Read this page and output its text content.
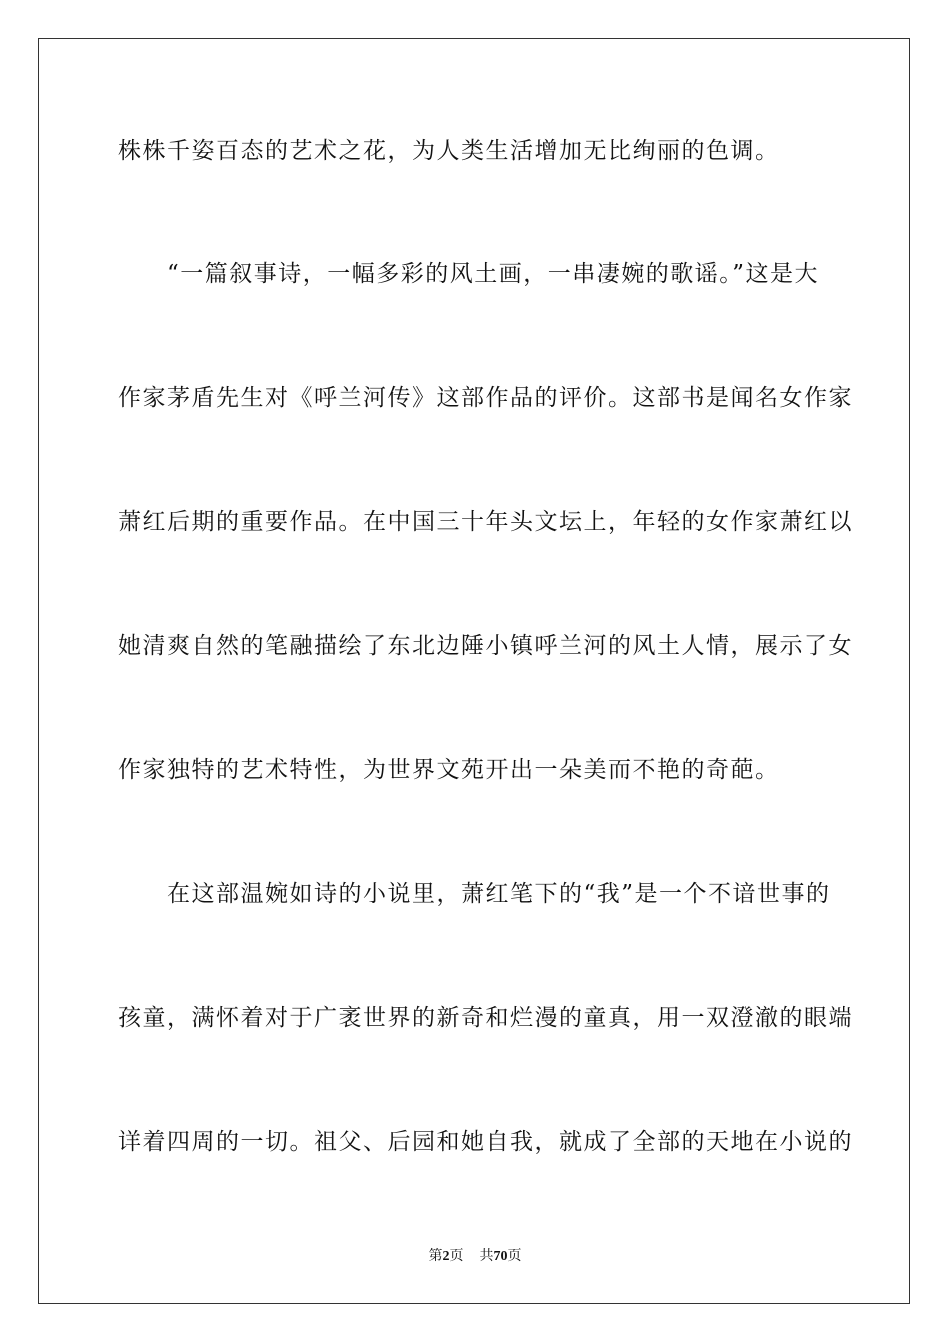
株株千姿百态的艺术之花，为人类生活增加无比绚丽的色调。
　　“一篇叙事诗，一幅多彩的风土画，一串凄婉的歌谣。”这是大
作家茅盾先生对《呼兰河传》这部作品的评价。这部书是闻名女作家
萧红后期的重要作品。在中国三十年头文坛上，年轻的女作家萧红以
她清爽自然的笔融描绘了东北边陲小镇呼兰河的风土人情，展示了女
作家独特的艺术特性，为世界文苑开出一朵美而不艳的奇葩。
　　在这部温婉如诗的小说里，萧红笔下的“我”是一个不谙世事的
孩童，满怀着对于广袤世界的新奇和烂漫的童真，用一双澄澈的眼端
详着四周的一切。祖父、后园和她自我，就成了全部的天地在小说的
第2页 共70页
